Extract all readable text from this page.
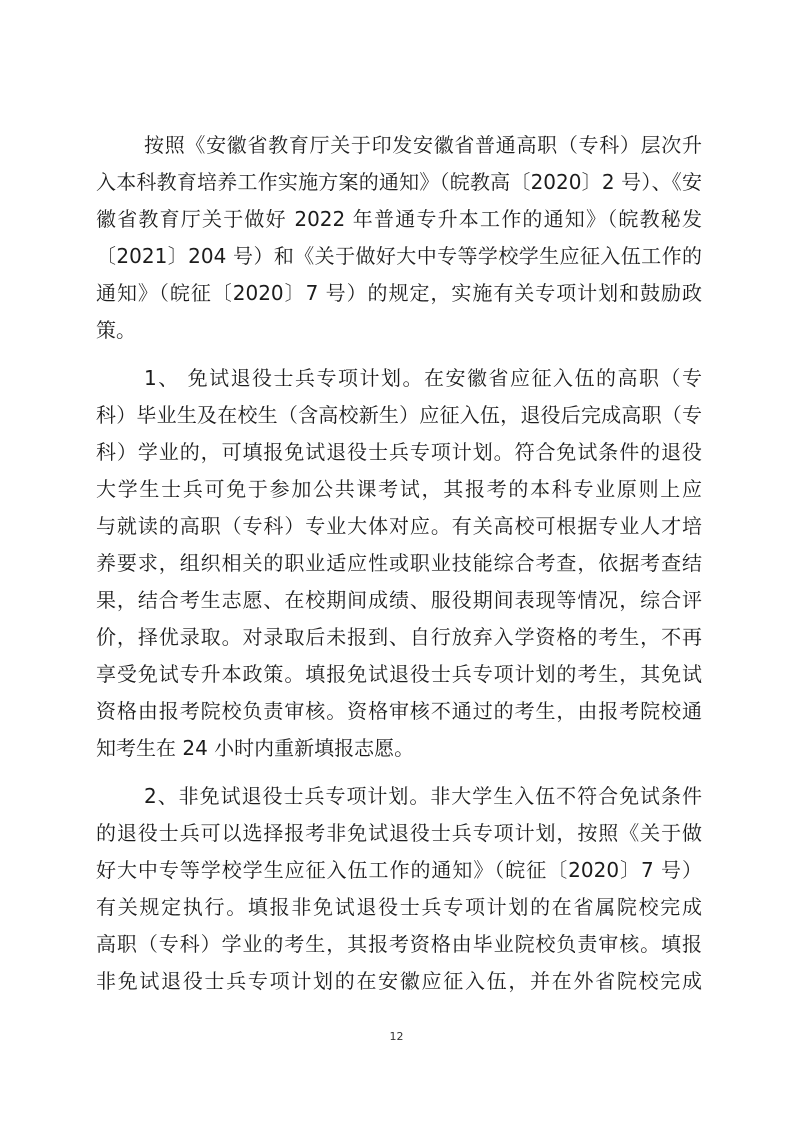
按照《安徽省教育厅关于印发安徽省普通高职（专科）层次升
入本科教育培养工作实施方案的通知》（皖教高〔2020〕2 号）、《安
徽省教育厅关于做好 2022 年普通专升本工作的通知》（皖教秘发
〔2021〕204 号）和《关于做好大中专等学校学生应征入伍工作的
通知》（皖征〔2020〕7 号）的规定，实施有关专项计划和鼓励政
策。
1、 免试退役士兵专项计划。在安徽省应征入伍的高职（专
科）毕业生及在校生（含高校新生）应征入伍，退役后完成高职（专
科）学业的，可填报免试退役士兵专项计划。符合免试条件的退役
大学生士兵可免于参加公共课考试，其报考的本科专业原则上应
与就读的高职（专科）专业大体对应。有关高校可根据专业人才培
养要求，组织相关的职业适应性或职业技能综合考查，依据考查结
果，结合考生志愿、在校期间成绩、服役期间表现等情况，综合评
价，择优录取。对录取后未报到、自行放弃入学资格的考生，不再
享受免试专升本政策。填报免试退役士兵专项计划的考生，其免试
资格由报考院校负责审核。资格审核不通过的考生，由报考院校通
知考生在 24 小时内重新填报志愿。
2、非免试退役士兵专项计划。非大学生入伍不符合免试条件
的退役士兵可以选择报考非免试退役士兵专项计划，按照《关于做
好大中专等学校学生应征入伍工作的通知》（皖征〔2020〕7 号）
有关规定执行。填报非免试退役士兵专项计划的在省属院校完成
高职（专科）学业的考生，其报考资格由毕业院校负责审核。填报
非免试退役士兵专项计划的在安徽应征入伍，并在外省院校完成
12
